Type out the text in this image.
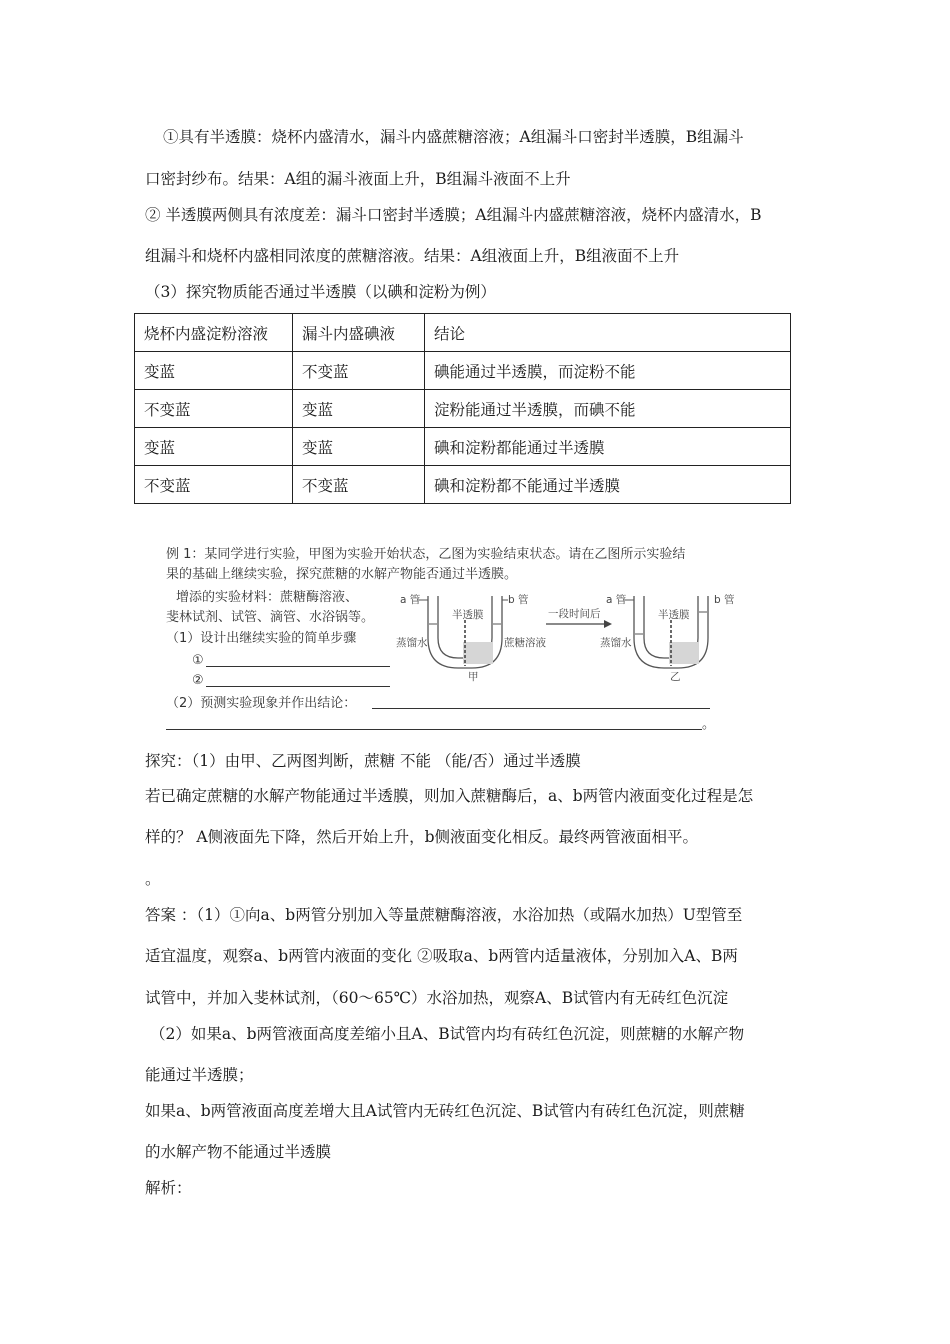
①具有半透膜：烧杯内盛清水，漏斗内盛蔗糖溶液；A组漏斗口密封半透膜，B组漏斗
口密封纱布。结果：A组的漏斗液面上升，B组漏斗液面不上升
② 半透膜两侧具有浓度差：漏斗口密封半透膜；A组漏斗内盛蔗糖溶液，烧杯内盛清水，B
组漏斗和烧杯内盛相同浓度的蔗糖溶液。结果：A组液面上升，B组液面不上升
（3）探究物质能否通过半透膜（以碘和淀粉为例）
烧杯内盛淀粉溶液	漏斗内盛碘液	结论
变蓝	不变蓝	碘能通过半透膜，而淀粉不能
不变蓝	变蓝	淀粉能通过半透膜，而碘不能
变蓝	变蓝	碘和淀粉都能通过半透膜
不变蓝	不变蓝	碘和淀粉都不能通过半透膜
例 1：某同学进行实验，甲图为实验开始状态，乙图为实验结束状态。请在乙图所示实验结
果的基础上继续实验，探究蔗糖的水解产物能否通过半透膜。
增添的实验材料：蔗糖酶溶液、
斐林试剂、试管、滴管、水浴锅等。
（1）设计出继续实验的简单步骤
①
②
（2）预测实验现象并作出结论：
。
a 管	b 管
半透膜
蒸馏水	蔗糖溶液
甲
一段时间后
a 管	b 管
半透膜
蒸馏水
乙
探究：（1）由甲、乙两图判断，蔗糖 不能 （能/否）通过半透膜
若已确定蔗糖的水解产物能通过半透膜，则加入蔗糖酶后，a、b两管内液面变化过程是怎
样的？ A侧液面先下降，然后开始上升，b侧液面变化相反。最终两管液面相平。
。
答案 ：（1）①向a、b两管分别加入等量蔗糖酶溶液，水浴加热（或隔水加热）U型管至
适宜温度，观察a、b两管内液面的变化 ②吸取a、b两管内适量液体，分别加入A、B两
试管中，并加入斐林试剂，（60～65℃）水浴加热，观察A、B试管内有无砖红色沉淀
（2）如果a、b两管液面高度差缩小且A、B试管内均有砖红色沉淀，则蔗糖的水解产物
能通过半透膜；
如果a、b两管液面高度差增大且A试管内无砖红色沉淀、B试管内有砖红色沉淀，则蔗糖
的水解产物不能通过半透膜
解析：
